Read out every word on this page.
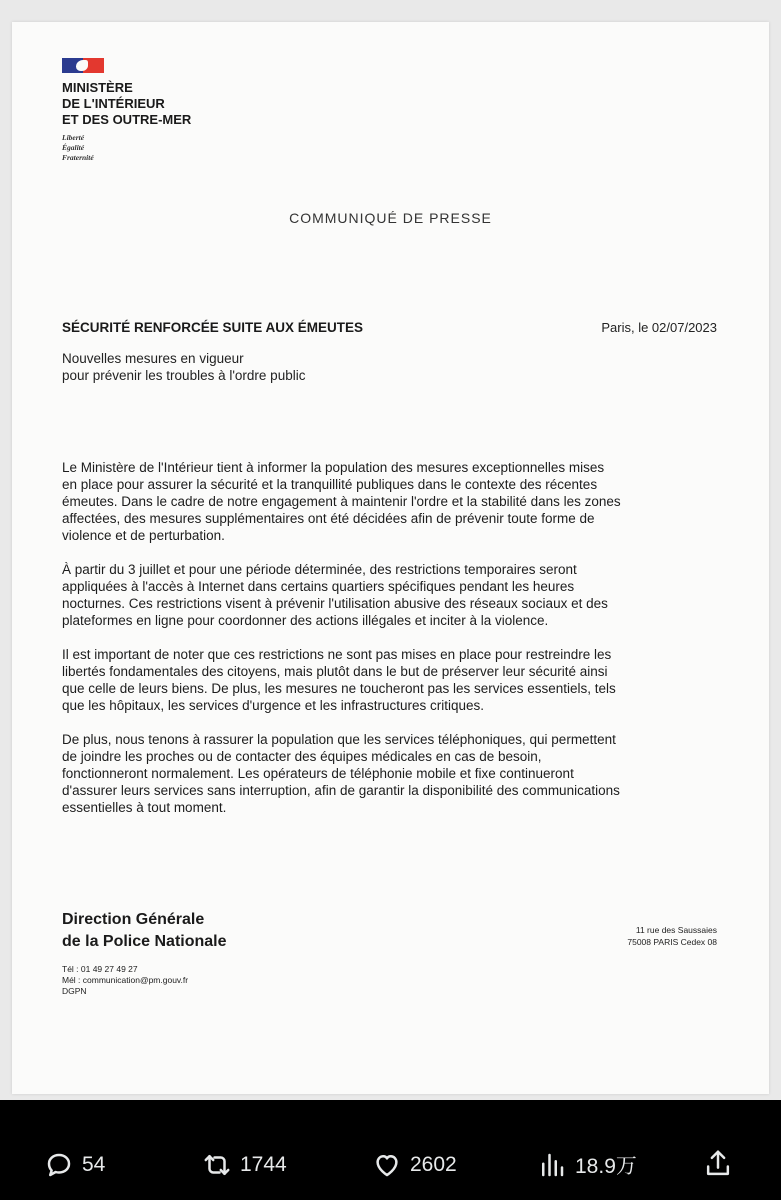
MINISTÈRE
DE L'INTÉRIEUR
ET DES OUTRE-MER
Liberté
Égalité
Fraternité
COMMUNIQUÉ DE PRESSE
SÉCURITÉ RENFORCÉE SUITE AUX ÉMEUTES	Paris, le 02/07/2023
Nouvelles mesures en vigueur
pour prévenir les troubles à l'ordre public

Le Ministère de l'Intérieur tient à informer la population des mesures exceptionnelles mises
en place pour assurer la sécurité et la tranquillité publiques dans le contexte des récentes
émeutes. Dans le cadre de notre engagement à maintenir l'ordre et la stabilité dans les zones
affectées, des mesures supplémentaires ont été décidées afin de prévenir toute forme de
violence et de perturbation.

À partir du 3 juillet et pour une période déterminée, des restrictions temporaires seront
appliquées à l'accès à Internet dans certains quartiers spécifiques pendant les heures
nocturnes. Ces restrictions visent à prévenir l'utilisation abusive des réseaux sociaux et des
plateformes en ligne pour coordonner des actions illégales et inciter à la violence.

Il est important de noter que ces restrictions ne sont pas mises en place pour restreindre les
libertés fondamentales des citoyens, mais plutôt dans le but de préserver leur sécurité ainsi
que celle de leurs biens. De plus, les mesures ne toucheront pas les services essentiels, tels
que les hôpitaux, les services d'urgence et les infrastructures critiques.

De plus, nous tenons à rassurer la population que les services téléphoniques, qui permettent
de joindre les proches ou de contacter des équipes médicales en cas de besoin,
fonctionneront normalement. Les opérateurs de téléphonie mobile et fixe continueront
d'assurer leurs services sans interruption, afin de garantir la disponibilité des communications
essentielles à tout moment.

Direction Générale
de la Police Nationale
11 rue des Saussaies
75008 PARIS Cedex 08
Tél : 01 49 27 49 27
Mél : communication@pm.gouv.fr
DGPN
54	1744	2602	18.9万
